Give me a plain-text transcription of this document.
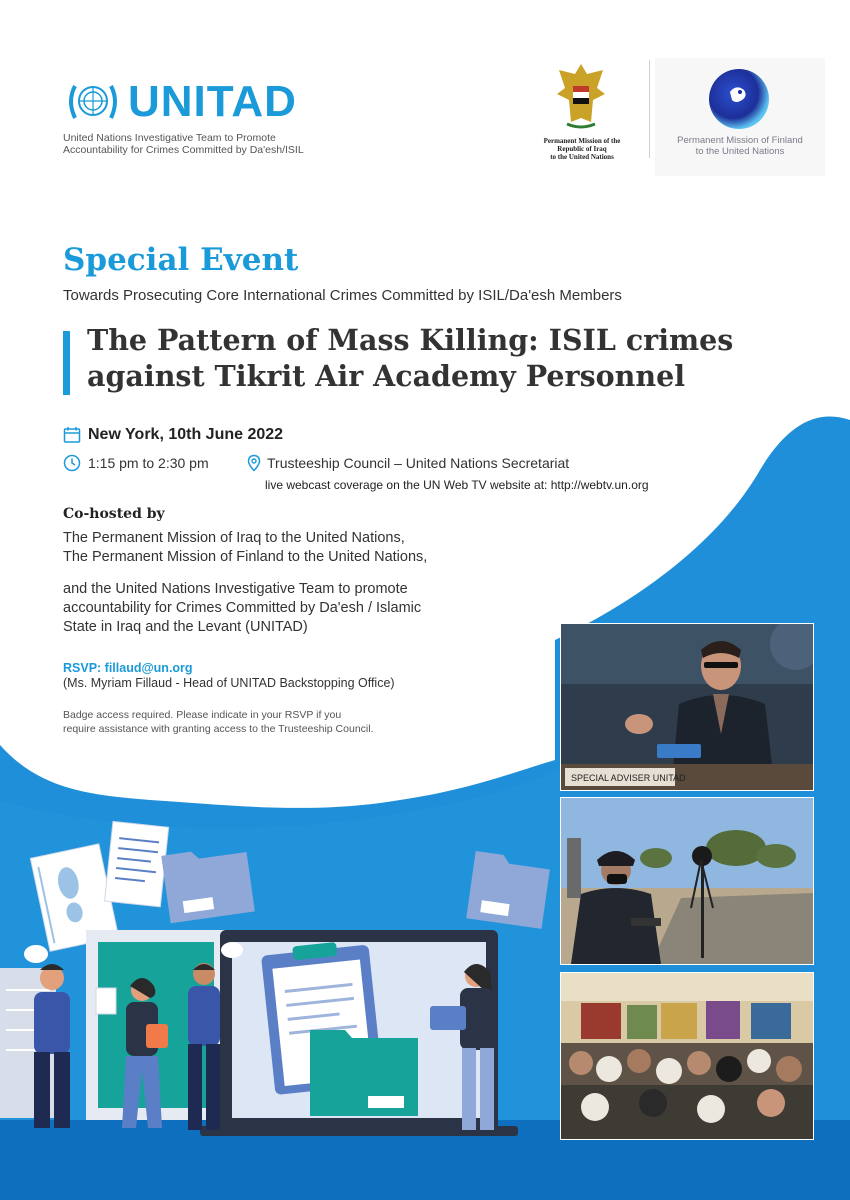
UNITAD
United Nations Investigative Team to Promote
Accountability for Crimes Committed by Da'esh/ISIL
Permanent Mission of the
Republic of Iraq
to the United Nations
Permanent Mission of Finland
to the United Nations
Special Event
Towards Prosecuting Core International Crimes Committed by ISIL/Da'esh Members
The Pattern of Mass Killing: ISIL crimes
against Tikrit Air Academy Personnel
New York, 10th June 2022
1:15 pm to 2:30 pm	Trusteeship Council – United Nations Secretariat
live webcast coverage on the UN Web TV website at: http://webtv.un.org
Co-hosted by
The Permanent Mission of Iraq to the United Nations,
The Permanent Mission of Finland to the United Nations,
and the United Nations Investigative Team to promote
accountability for Crimes Committed by Da'esh / Islamic
State in Iraq and the Levant (UNITAD)
RSVP: fillaud@un.org
(Ms. Myriam Fillaud - Head of UNITAD Backstopping Office)
Badge access required. Please indicate in your RSVP if you
require assistance with granting access to the Trusteeship Council.
SPECIAL ADVISER UNITAD
